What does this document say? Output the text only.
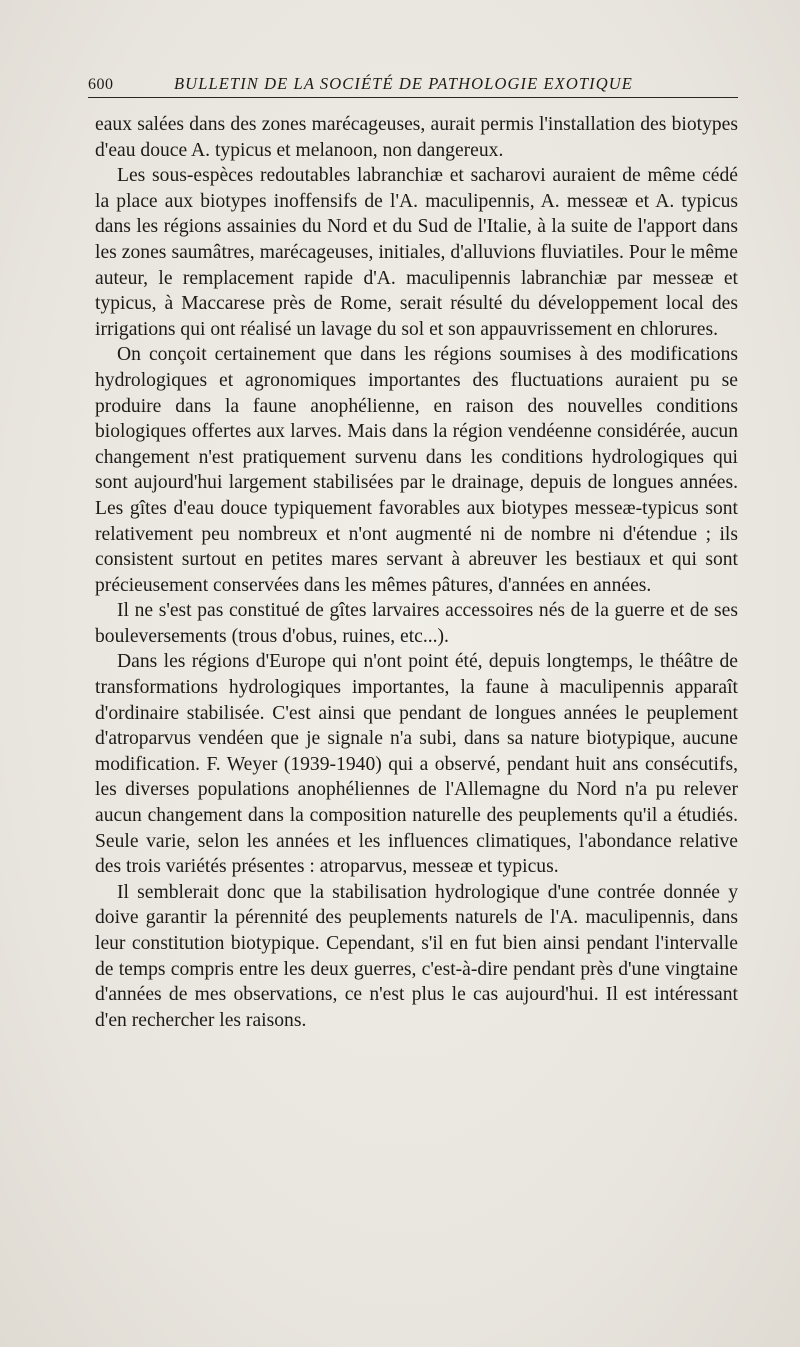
600	BULLETIN DE LA SOCIÉTÉ DE PATHOLOGIE EXOTIQUE

eaux salées dans des zones marécageuses, aurait permis l'installation des biotypes d'eau douce A. typicus et melanoon, non dangereux.

Les sous-espèces redoutables labranchiæ et sacharovi auraient de même cédé la place aux biotypes inoffensifs de l'A. maculipennis, A. messeæ et A. typicus dans les régions assainies du Nord et du Sud de l'Italie, à la suite de l'apport dans les zones saumâtres, marécageuses, initiales, d'alluvions fluviatiles. Pour le même auteur, le remplacement rapide d'A. maculipennis labranchiæ par messeæ et typicus, à Maccarese près de Rome, serait résulté du développement local des irrigations qui ont réalisé un lavage du sol et son appauvrissement en chlorures.

On conçoit certainement que dans les régions soumises à des modifications hydrologiques et agronomiques importantes des fluctuations auraient pu se produire dans la faune anophélienne, en raison des nouvelles conditions biologiques offertes aux larves. Mais dans la région vendéenne considérée, aucun changement n'est pratiquement survenu dans les conditions hydrologiques qui sont aujourd'hui largement stabilisées par le drainage, depuis de longues années. Les gîtes d'eau douce typiquement favorables aux biotypes messeæ-typicus sont relativement peu nombreux et n'ont augmenté ni de nombre ni d'étendue ; ils consistent surtout en petites mares servant à abreuver les bestiaux et qui sont précieusement conservées dans les mêmes pâtures, d'années en années.

Il ne s'est pas constitué de gîtes larvaires accessoires nés de la guerre et de ses bouleversements (trous d'obus, ruines, etc...).

Dans les régions d'Europe qui n'ont point été, depuis longtemps, le théâtre de transformations hydrologiques importantes, la faune à maculipennis apparaît d'ordinaire stabilisée. C'est ainsi que pendant de longues années le peuplement d'atroparvus vendéen que je signale n'a subi, dans sa nature biotypique, aucune modification. F. Weyer (1939-1940) qui a observé, pendant huit ans consécutifs, les diverses populations anophéliennes de l'Allemagne du Nord n'a pu relever aucun changement dans la composition naturelle des peuplements qu'il a étudiés. Seule varie, selon les années et les influences climatiques, l'abondance relative des trois variétés présentes : atroparvus, messeæ et typicus.

Il semblerait donc que la stabilisation hydrologique d'une contrée donnée y doive garantir la pérennité des peuplements naturels de l'A. maculipennis, dans leur constitution biotypique. Cependant, s'il en fut bien ainsi pendant l'intervalle de temps compris entre les deux guerres, c'est-à-dire pendant près d'une vingtaine d'années de mes observations, ce n'est plus le cas aujourd'hui. Il est intéressant d'en rechercher les raisons.
